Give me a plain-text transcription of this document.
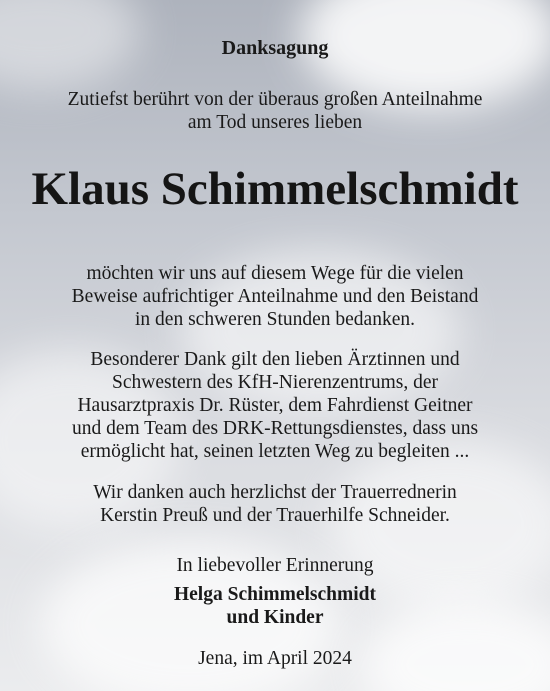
Danksagung
Zutiefst berührt von der überaus großen Anteilnahme
am Tod unseres lieben
Klaus Schimmelschmidt
möchten wir uns auf diesem Wege für die vielen
Beweise aufrichtiger Anteilnahme und den Beistand
in den schweren Stunden bedanken.
Besonderer Dank gilt den lieben Ärztinnen und
Schwestern des KfH-Nierenzentrums, der
Hausarztpraxis Dr. Rüster, dem Fahrdienst Geitner
und dem Team des DRK-Rettungsdienstes, dass uns
ermöglicht hat, seinen letzten Weg zu begleiten ...
Wir danken auch herzlichst der Trauerrednerin
Kerstin Preuß und der Trauerhilfe Schneider.
In liebevoller Erinnerung
Helga Schimmelschmidt
und Kinder
Jena, im April 2024
